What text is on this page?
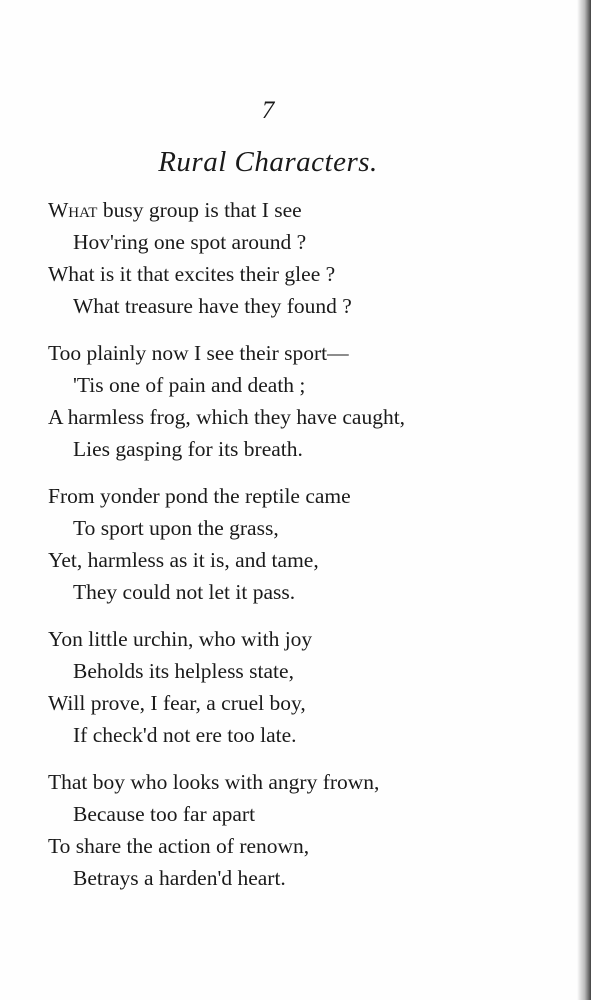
7
Rural Characters.
What busy group is that I see
Hov'ring one spot around ?
What is it that excites their glee ?
What treasure have they found ?
Too plainly now I see their sport—
'Tis one of pain and death ;
A harmless frog, which they have caught,
Lies gasping for its breath.
From yonder pond the reptile came
To sport upon the grass,
Yet, harmless as it is, and tame,
They could not let it pass.
Yon little urchin, who with joy
Beholds its helpless state,
Will prove, I fear, a cruel boy,
If check'd not ere too late.
That boy who looks with angry frown,
Because too far apart
To share the action of renown,
Betrays a harden'd heart.
